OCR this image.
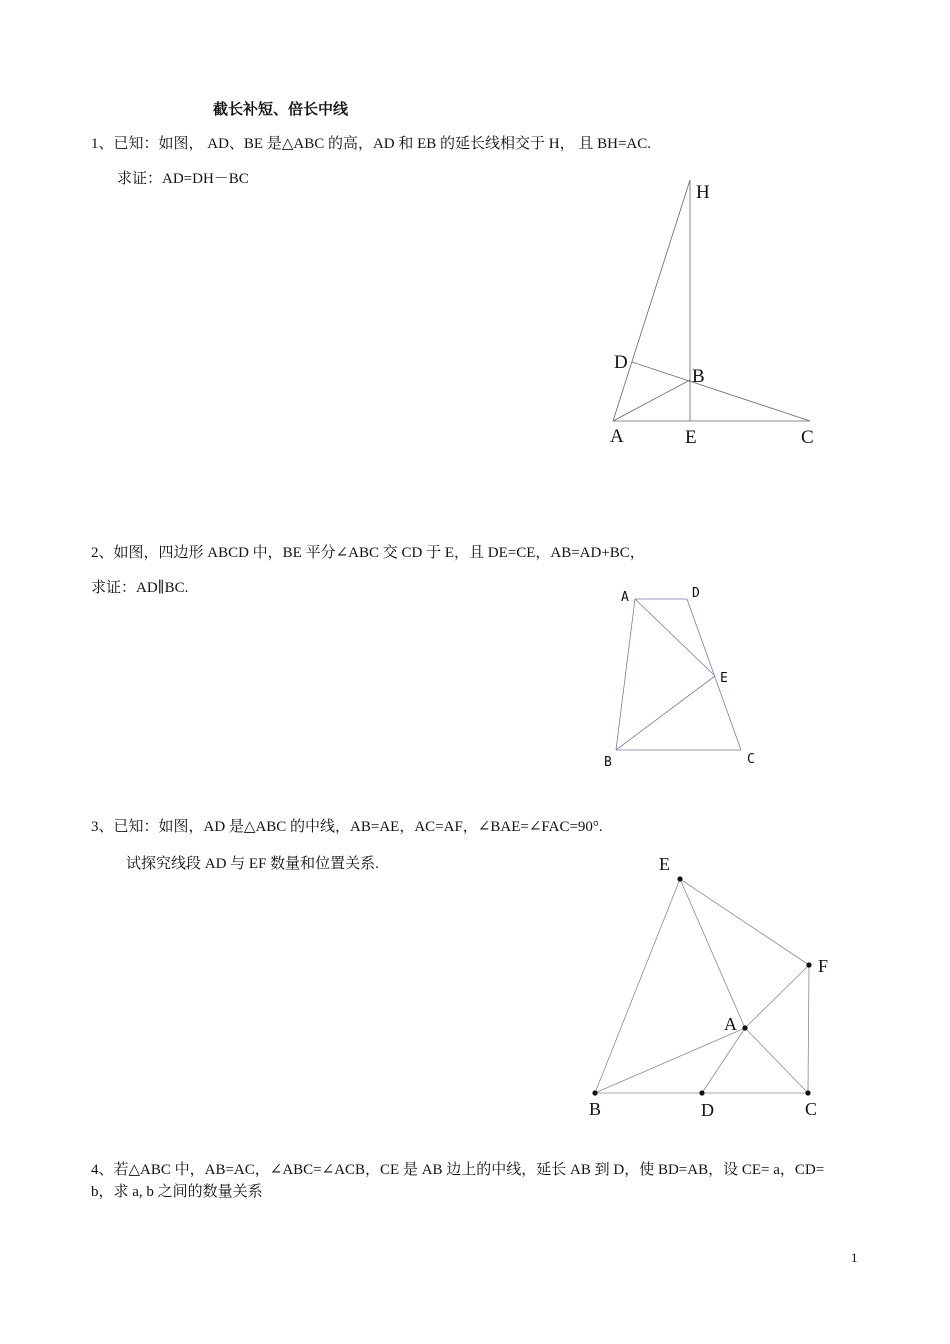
截长补短、倍长中线
1、已知：如图， AD、BE 是△ABC 的高，AD 和 EB 的延长线相交于 H， 且 BH=AC.
求证：AD=DH－BC
H
D
B
A	E	C
2、如图，四边形 ABCD 中，BE 平分∠ABC 交 CD 于 E，且 DE=CE，AB=AD+BC，
求证：AD∥BC.
A	D
E
B	C
3、已知：如图，AD 是△ABC 的中线，AB=AE，AC=AF，∠BAE=∠FAC=90°.
试探究线段 AD 与 EF 数量和位置关系.	E
F
A
B	D	C
4、若△ABC 中，AB=AC，∠ABC=∠ACB，CE 是 AB 边上的中线，延长 AB 到 D，使 BD=AB，设 CE= a，CD=
b，求 a, b 之间的数量关系
1
